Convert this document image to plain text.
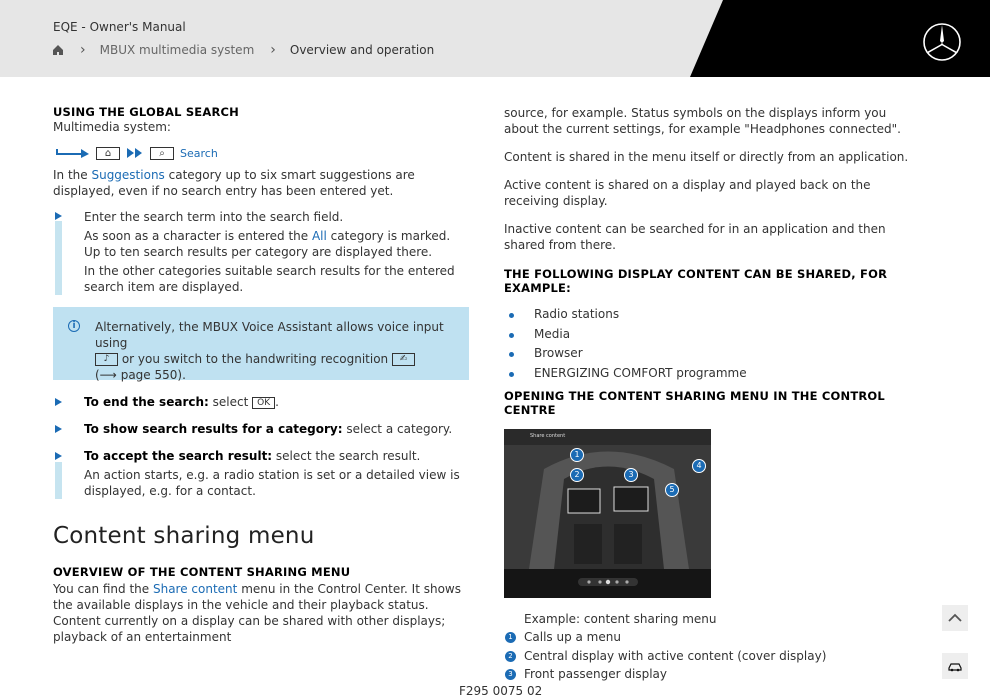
EQE - Owner's Manual
› MBUX multimedia system › Overview and operation
USING THE GLOBAL SEARCH
Multimedia system:
⌂	⌕	Search

In the Suggestions category up to six smart suggestions are displayed, even if no search entry has been entered yet.

Enter the search term into the search field.

As soon as a character is entered the All category is marked. Up to ten search results per category are displayed there.

In the other categories suitable search results for the entered search item are displayed.

i	Alternatively, the MBUX Voice Assistant allows voice input using
♪ or you switch to the handwriting recognition ✍
(⟶ page 550).
To end the search: select OK .
To show search results for a category: select a category.
To accept the search result: select the search result.

An action starts, e.g. a radio station is set or a detailed view is displayed, e.g. for a contact.

Content sharing menu
OVERVIEW OF THE CONTENT SHARING MENU

You can find the Share content menu in the Control Center. It shows the available displays in the vehicle and their playback status. Content currently on a display can be shared with other displays; playback of an entertainment

source, for example. Status symbols on the displays inform you about the current settings, for example "Headphones connected".

Content is shared in the menu itself or directly from an application.

Active content is shared on a display and played back on the receiving display.

Inactive content can be searched for in an application and then shared from there.

THE FOLLOWING DISPLAY CONTENT CAN BE SHARED, FOR EXAMPLE:
Radio stations
Media
Browser
ENERGIZING COMFORT programme
OPENING THE CONTENT SHARING MENU IN THE CONTROL CENTRE
Share content
1
2	3
4
5
Example: content sharing menu
1 Calls up a menu
2 Central display with active content (cover display)
3 Front passenger display
F295 0075 02
